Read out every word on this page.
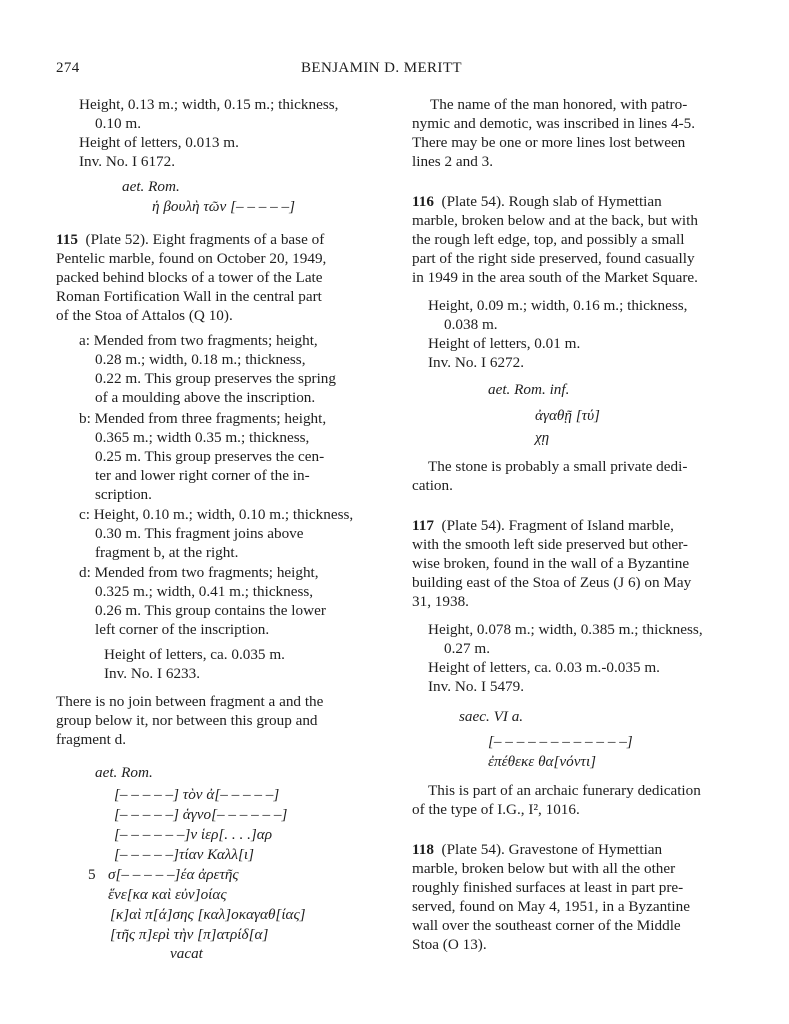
274	BENJAMIN D. MERITT
Height, 0.13 m.; width, 0.15 m.; thickness,
0.10 m.
Height of letters, 0.013 m.
Inv. No. I 6172.
aet. Rom.
ἡ βουλὴ τῶν [– – – – –]
115 (Plate 52). Eight fragments of a base of
Pentelic marble, found on October 20, 1949,
packed behind blocks of a tower of the Late
Roman Fortification Wall in the central part
of the Stoa of Attalos (Q 10).
a: Mended from two fragments; height,
0.28 m.; width, 0.18 m.; thickness,
0.22 m. This group preserves the spring
of a moulding above the inscription.
b: Mended from three fragments; height,
0.365 m.; width 0.35 m.; thickness,
0.25 m. This group preserves the cen-
ter and lower right corner of the in-
scription.
c: Height, 0.10 m.; width, 0.10 m.; thickness,
0.30 m. This fragment joins above
fragment b, at the right.
d: Mended from two fragments; height,
0.325 m.; width, 0.41 m.; thickness,
0.26 m. This group contains the lower
left corner of the inscription.
Height of letters, ca. 0.035 m.
Inv. No. I 6233.
There is no join between fragment a and the
group below it, nor between this group and
fragment d.
aet. Rom.
[– – – – –] τὸν ἀ[– – – – –]
[– – – – –] ἁγνο[– – – – – –]
[– – – – – –]ν ἱερ[. . . .]αρ
[– – – – –]τίαν Καλλ[ι]
5 σ[– – – – –]έα ἀρετῆς
ἕνε[κα καὶ εὐν]οίας
[κ]αὶ π[ά]σης [καλ]οκαγαθ[ίας]
[τῆς π]ερὶ τὴν [π]ατρίδ[α]
vacat
The name of the man honored, with patro-
nymic and demotic, was inscribed in lines 4-5.
There may be one or more lines lost between
lines 2 and 3.
116 (Plate 54). Rough slab of Hymettian
marble, broken below and at the back, but with
the rough left edge, top, and possibly a small
part of the right side preserved, found casually
in 1949 in the area south of the Market Square.
Height, 0.09 m.; width, 0.16 m.; thickness,
0.038 m.
Height of letters, 0.01 m.
Inv. No. I 6272.
aet. Rom. inf.
ἀγαθῇ [τύ]
χῃ
The stone is probably a small private dedi-
cation.
117 (Plate 54). Fragment of Island marble,
with the smooth left side preserved but other-
wise broken, found in the wall of a Byzantine
building east of the Stoa of Zeus (J 6) on May
31, 1938.
Height, 0.078 m.; width, 0.385 m.; thickness,
0.27 m.
Height of letters, ca. 0.03 m.-0.035 m.
Inv. No. I 5479.
saec. VI a.
[– – – – – – – – – – – –]
ἐπέθεκε θα[νόντι]
This is part of an archaic funerary dedication
of the type of I.G., I², 1016.
118 (Plate 54). Gravestone of Hymettian
marble, broken below but with all the other
roughly finished surfaces at least in part pre-
served, found on May 4, 1951, in a Byzantine
wall over the southeast corner of the Middle
Stoa (O 13).
